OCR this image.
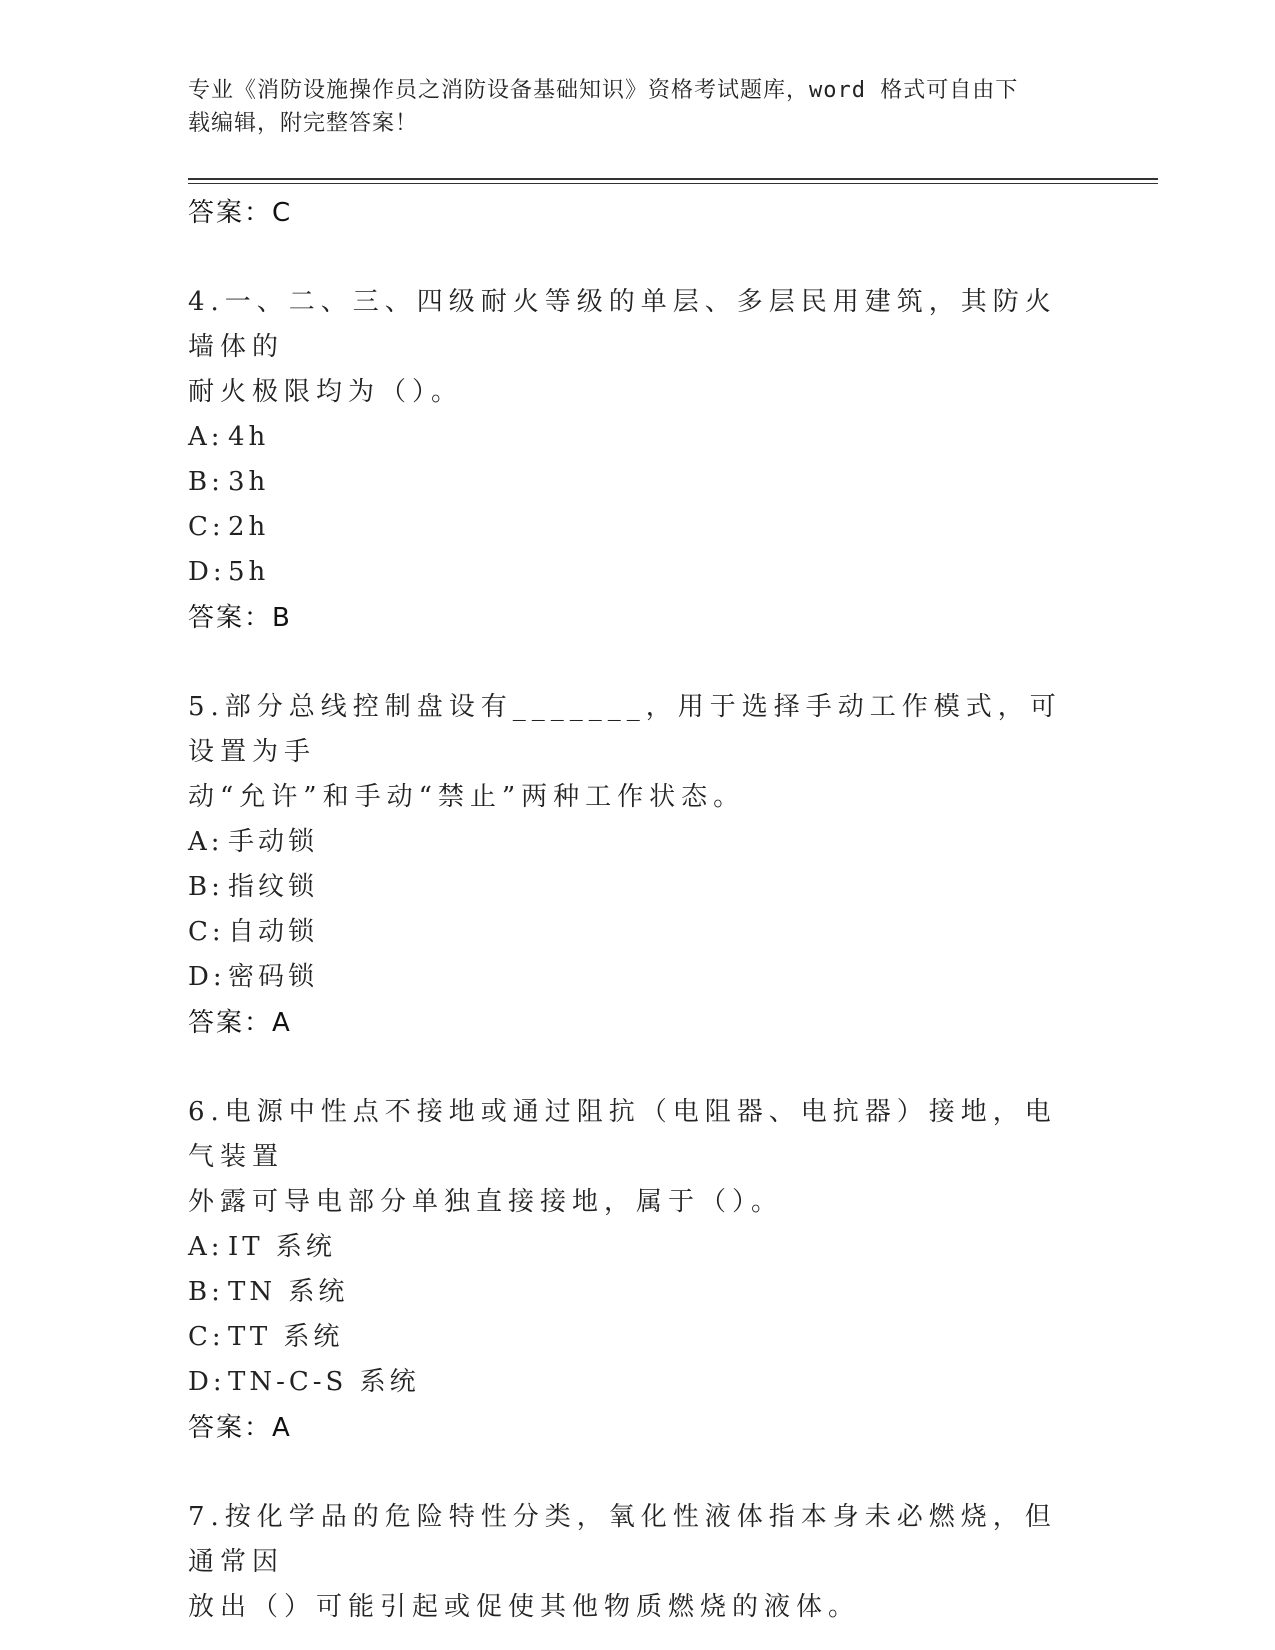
专业《消防设施操作员之消防设备基础知识》资格考试题库，word 格式可自由下
载编辑，附完整答案！
答案：C
4.一、二、三、四级耐火等级的单层、多层民用建筑，其防火墙体的
耐火极限均为（）。
A: 4h
B: 3h
C: 2h
D:5h
答案：B
5.部分总线控制盘设有_______，用于选择手动工作模式，可设置为手
动“允许”和手动“禁止”两种工作状态。
A: 手动锁
B: 指纹锁
C: 自动锁
D:密码锁
答案：A
6.电源中性点不接地或通过阻抗（电阻器、电抗器）接地，电气装置
外露可导电部分单独直接接地，属于（）。
A: IT 系统
B: TN 系统
C: TT 系统
D:TN-C-S 系统
答案：A
7.按化学品的危险特性分类，氧化性液体指本身未必燃烧，但通常因
放出（）可能引起或促使其他物质燃烧的液体。
